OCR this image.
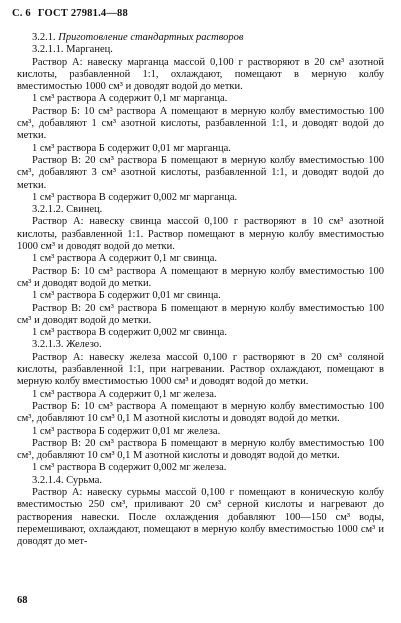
С. 6 ГОСТ 27981.4—88

3.2.1. Приготовление стандартных растворов

3.2.1.1. Марганец.

Раствор А: навеску марганца массой 0,100 г растворяют в 20 см³ азотной кислоты, разбавленной 1:1, охлаждают, помещают в мерную колбу вместимостью 1000 см³ и доводят водой до метки.

1 см³ раствора А содержит 0,1 мг марганца.

Раствор Б: 10 см³ раствора А помещают в мерную колбу вместимостью 100 см³, добавляют 1 см³ азотной кислоты, разбавленной 1:1, и доводят водой до метки.

1 см³ раствора Б содержит 0,01 мг марганца.

Раствор В: 20 см³ раствора Б помещают в мерную колбу вместимостью 100 см³, добавляют 3 см³ азотной кислоты, разбавленной 1:1, и доводят водой до метки.

1 см³ раствора В содержит 0,002 мг марганца.

3.2.1.2. Свинец.

Раствор А: навеску свинца массой 0,100 г растворяют в 10 см³ азотной кислоты, разбавленной 1:1. Раствор помещают в мерную колбу вместимостью 1000 см³ и доводят водой до метки.

1 см³ раствора А содержит 0,1 мг свинца.

Раствор Б: 10 см³ раствора А помещают в мерную колбу вместимостью 100 см³ и доводят водой до метки.

1 см³ раствора Б содержит 0,01 мг свинца.

Раствор В: 20 см³ раствора Б помещают в мерную колбу вместимостью 100 см³ и доводят водой до метки.

1 см³ раствора В содержит 0,002 мг свинца.

3.2.1.3. Железо.

Раствор А: навеску железа массой 0,100 г растворяют в 20 см³ соляной кислоты, разбавленной 1:1, при нагревании. Раствор охлаждают, помещают в мерную колбу вместимостью 1000 см³ и доводят водой до метки.

1 см³ раствора А содержит 0,1 мг железа.

Раствор Б: 10 см³ раствора А помещают в мерную колбу вместимостью 100 см³, добавляют 10 см³ 0,1 М азотной кислоты и доводят водой до метки.

1 см³ раствора Б содержит 0,01 мг железа.

Раствор В: 20 см³ раствора Б помещают в мерную колбу вместимостью 100 см³, добавляют 10 см³ 0,1 М азотной кислоты и доводят водой до метки.

1 см³ раствора В содержит 0,002 мг железа.

3.2.1.4. Сурьма.

Раствор А: навеску сурьмы массой 0,100 г помещают в коническую колбу вместимостью 250 см³, приливают 20 см³ серной кислоты и нагревают до растворения навески. После охлаждения добавляют 100—150 см³ воды, перемешивают, охлаждают, помещают в мерную колбу вместимостью 1000 см³ и доводят до мет-

68
